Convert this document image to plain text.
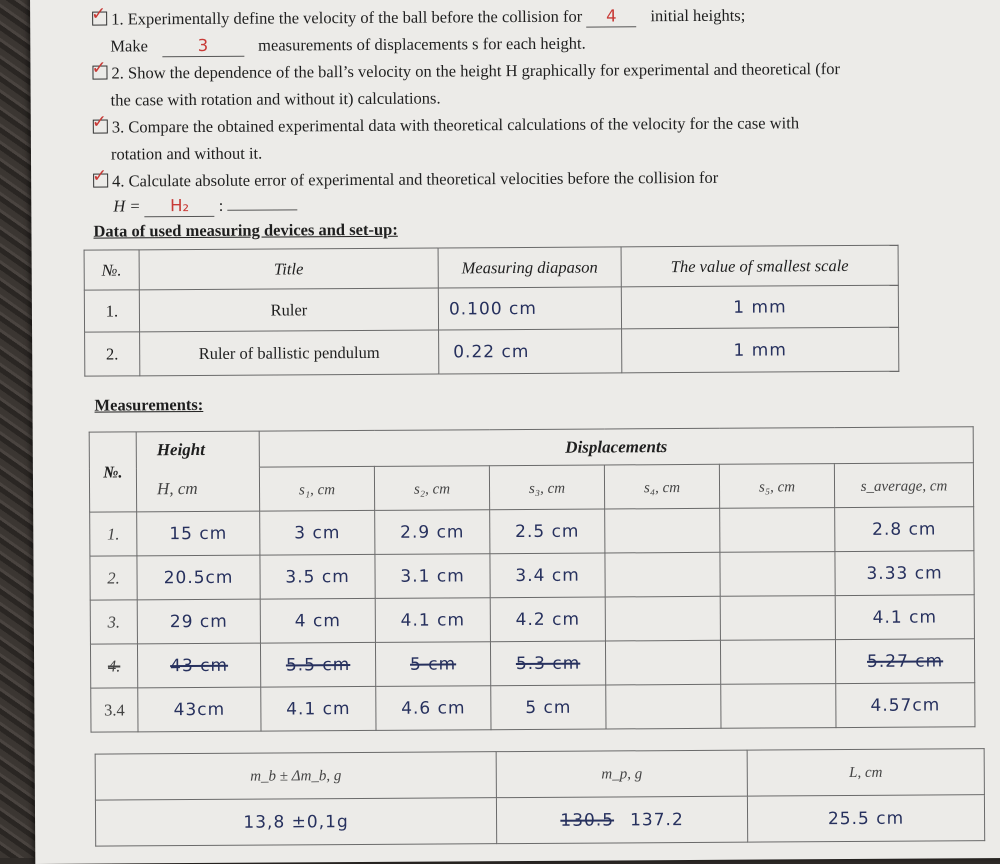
✓ 1. Experimentally define the velocity of the ball before the collision for 4 initial heights;
Make	3	measurements of displacements s for each height.
✓ 2. Show the dependence of the ball’s velocity on the height H graphically for experimental and theoretical (for
the case with rotation and without it) calculations.
✓ 3. Compare the obtained experimental data with theoretical calculations of the velocity for the case with
rotation and without it.
✓ 4. Calculate absolute error of experimental and theoretical velocities before the collision for
H = H₂ :
Data of used measuring devices and set-up:
№.	Title	Measuring diapason	The value of smallest scale
1.	Ruler	0.100 cm	1 mm
2.	Ruler of ballistic pendulum	0.22 cm	1 mm
Measurements:
№.	Height	Displacements					
	H, cm	s₁, cm	s₂, cm	s₃, cm	s₄, cm	s₅, cm	s_average, cm
1.	15 cm	3 cm	2.9 cm	2.5 cm			2.8 cm
2.	20.5cm	3.5 cm	3.1 cm	3.4 cm			3.33 cm
3.	29 cm	4 cm	4.1 cm	4.2 cm			4.1 cm
4.	43 cm	5.5 cm	5 cm	5.3 cm			5.27 cm
3.4	43cm	4.1 cm	4.6 cm	5 cm			4.57cm
m_b ± Δm_b, g	m_p, g	L, cm
13,8 ±0,1g	130.5 137.2	25.5 cm
